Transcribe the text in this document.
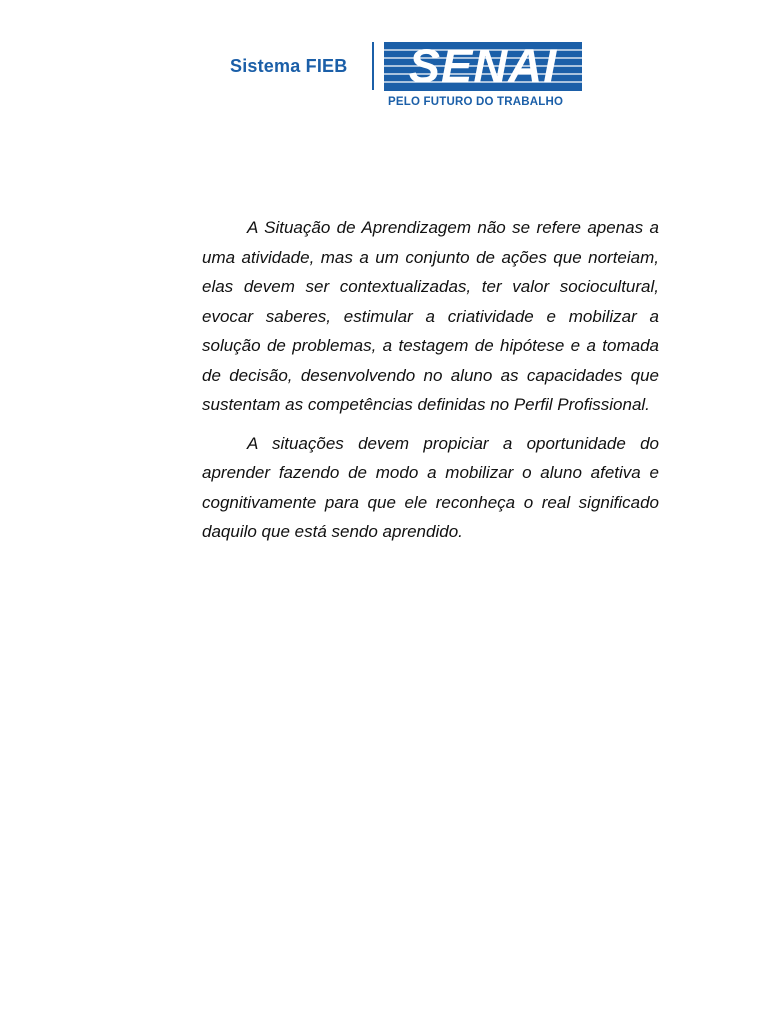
Sistema FIEB	SENAI
PELO FUTURO DO TRABALHO

A Situação de Aprendizagem não se refere apenas a uma atividade, mas a um conjunto de ações que norteiam, elas devem ser contextualizadas, ter valor sociocultural, evocar saberes, estimular a criatividade e mobilizar a solução de problemas, a testagem de hipótese e a tomada de decisão, desenvolvendo no aluno as capacidades que sustentam as competências definidas no Perfil Profissional.

A situações devem propiciar a oportunidade do aprender fazendo de modo a mobilizar o aluno afetiva e cognitivamente para que ele reconheça o real significado daquilo que está sendo aprendido.
